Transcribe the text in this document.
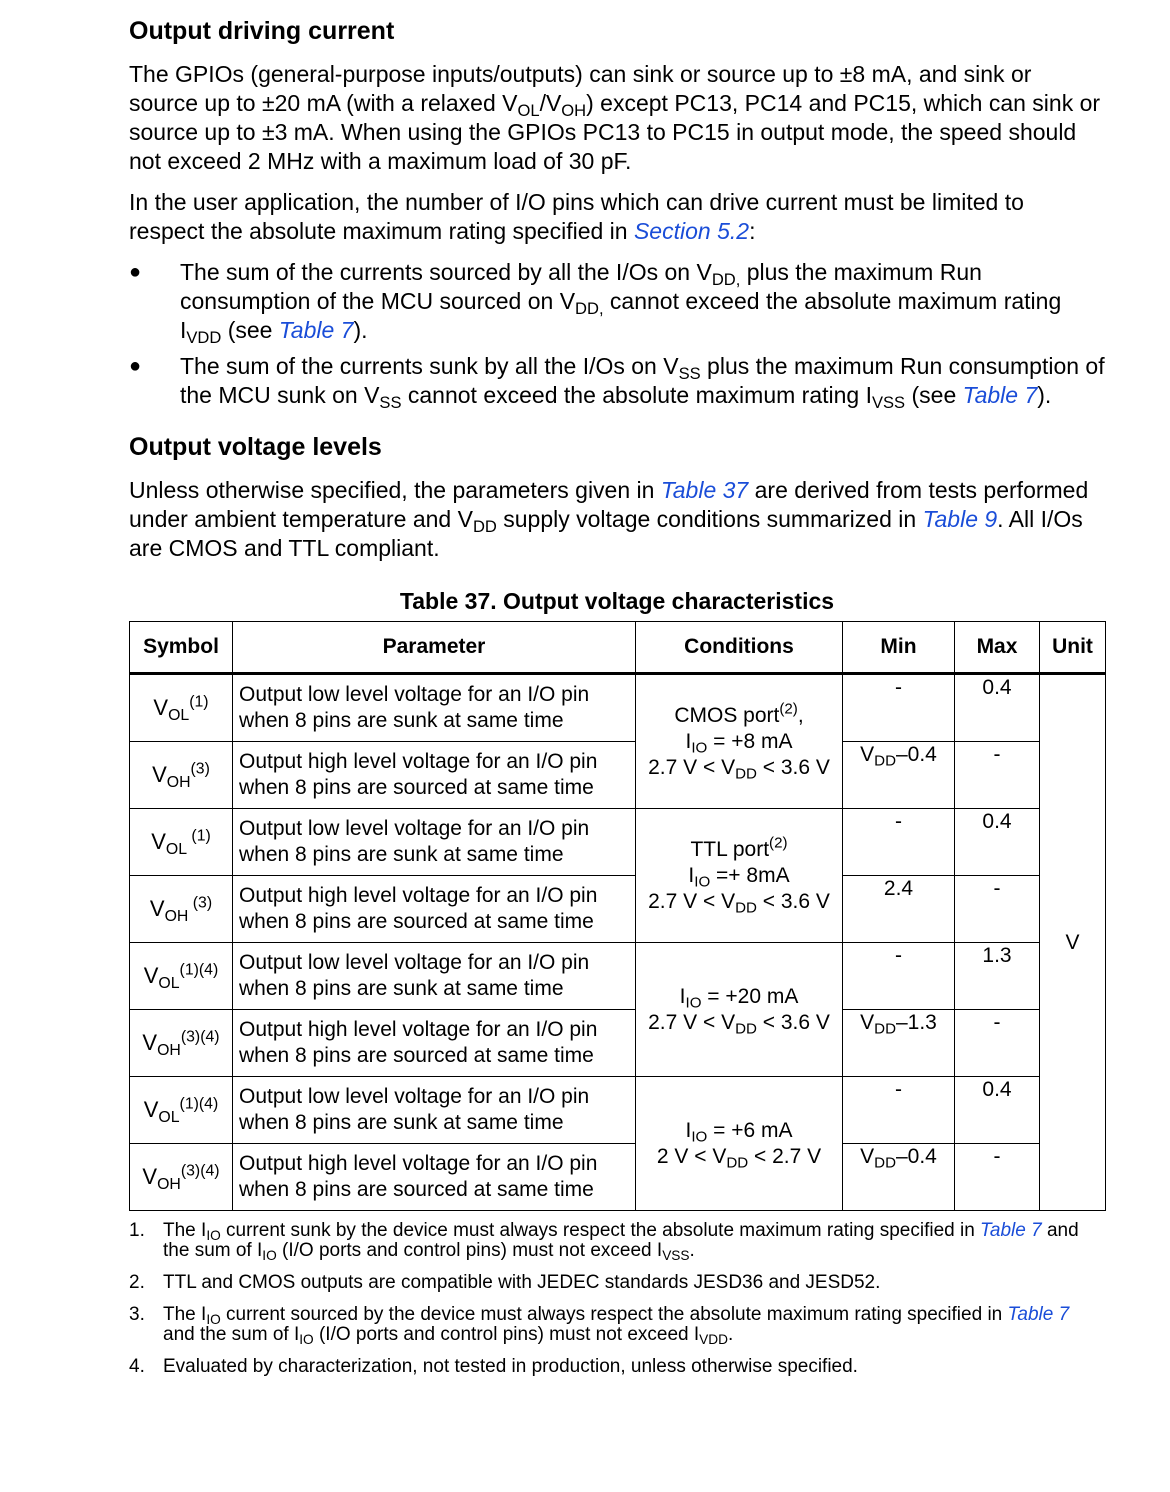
Output driving current

The GPIOs (general-purpose inputs/outputs) can sink or source up to ±8 mA, and sink or source up to ±20 mA (with a relaxed $V_{OL}/V_{OH}$) except PC13, PC14 and PC15, which can sink or source up to ±3 mA. When using the GPIOs PC13 to PC15 in output mode, the speed should not exceed 2 MHz with a maximum load of 30 pF.

In the user application, the number of I/O pins which can drive current must be limited to respect the absolute maximum rating specified in Section 5.2:

● The sum of the currents sourced by all the I/Os on $V_{DD,}$ plus the maximum Run consumption of the MCU sourced on $V_{DD,}$ cannot exceed the absolute maximum rating $I_{VDD}$ (see Table 7).
● The sum of the currents sunk by all the I/Os on $V_{SS}$ plus the maximum Run consumption of the MCU sunk on $V_{SS}$ cannot exceed the absolute maximum rating $I_{VSS}$ (see Table 7).
Output voltage levels

Unless otherwise specified, the parameters given in Table 37 are derived from tests performed under ambient temperature and $V_{DD}$ supply voltage conditions summarized in Table 9. All I/Os are CMOS and TTL compliant.

Table 37. Output voltage characteristics
Symbol	Parameter	Conditions	Min	Max	Unit
$V_{OL}^{(1)}$	Output low level voltage for an I/O pin when 8 pins are sunk at same time	CMOS port$^{(2)}$,
$I_{IO} = +8$ mA
2.7 $V < V_{DD} < 3.6$ V	-	0.4	V
$V_{OH}^{(3)}$	Output high level voltage for an I/O pin when 8 pins are sourced at same time		$V_{DD}-0.4$	-	
$V_{OL}$ $^{(1)}$	Output low level voltage for an I/O pin when 8 pins are sunk at same time	TTL port$^{(2)}$
$I_{IO} =+ 8mA$
2.7 $V < V_{DD} < 3.6$ V	-	0.4	
$V_{OH}$ $^{(3)}$	Output high level voltage for an I/O pin when 8 pins are sourced at same time		2.4	-	
$V_{OL}^{(1)(4)}$	Output low level voltage for an I/O pin when 8 pins are sunk at same time	$I_{IO} = +20$ mA
2.7 $V < V_{DD} < 3.6$ V	-	1.3	
$V_{OH}^{(3)(4)}$	Output high level voltage for an I/O pin when 8 pins are sourced at same time		$V_{DD}-1.3$	-	
$V_{OL}^{(1)(4)}$	Output low level voltage for an I/O pin when 8 pins are sunk at same time	$I_{IO} = +6$ mA
2 $V < V_{DD} < 2.7$ V	-	0.4	
$V_{OH}^{(3)(4)}$	Output high level voltage for an I/O pin when 8 pins are sourced at same time		$V_{DD}-0.4$	-	
1. The $I_{IO}$ current sunk by the device must always respect the absolute maximum rating specified in Table 7 and the sum of $I_{IO}$ (I/O ports and control pins) must not exceed $I_{VSS}$.
2. TTL and CMOS outputs are compatible with JEDEC standards JESD36 and JESD52.
3. The $I_{IO}$ current sourced by the device must always respect the absolute maximum rating specified in Table 7 and the sum of $I_{IO}$ (I/O ports and control pins) must not exceed $I_{VDD}$.
4. Evaluated by characterization, not tested in production, unless otherwise specified.
